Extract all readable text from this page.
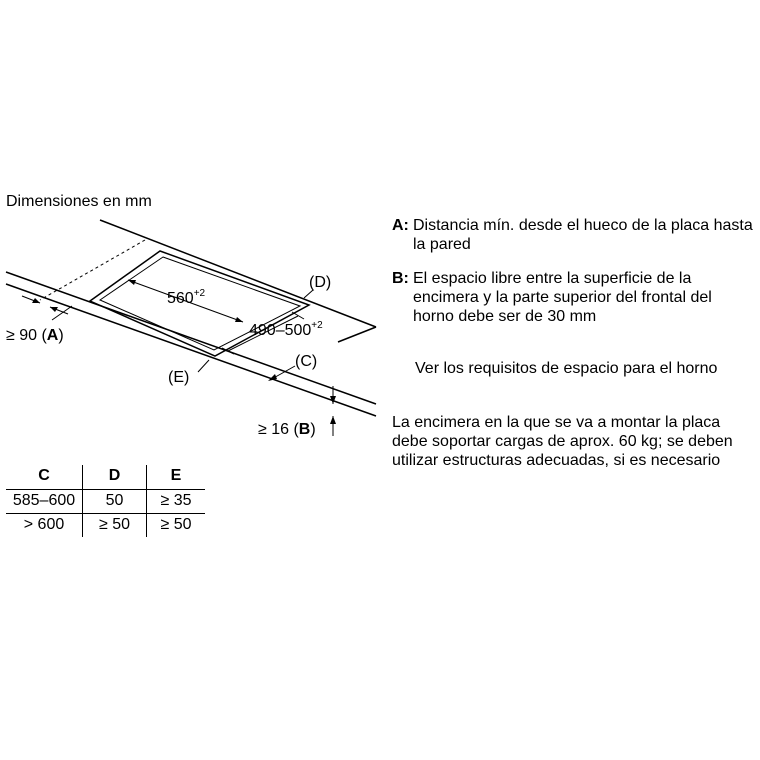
Dimensiones en mm
$560^{+2}$
$490-500^{+2}$
(D)
(C)
(E)
≥ 90 (A)
≥ 16 (B)
A: Distancia mín. desde el hueco de la placa hasta la pared
B: El espacio libre entre la superficie de la encimera y la parte superior del frontal del horno debe ser de 30 mm
Ver los requisitos de espacio para el horno
La encimera en la que se va a montar la placa debe soportar cargas de aprox. 60 kg; se deben utilizar estructuras adecuadas, si es necesario
C	D	E
585–600	50	≥ 35
> 600	≥ 50	≥ 50
